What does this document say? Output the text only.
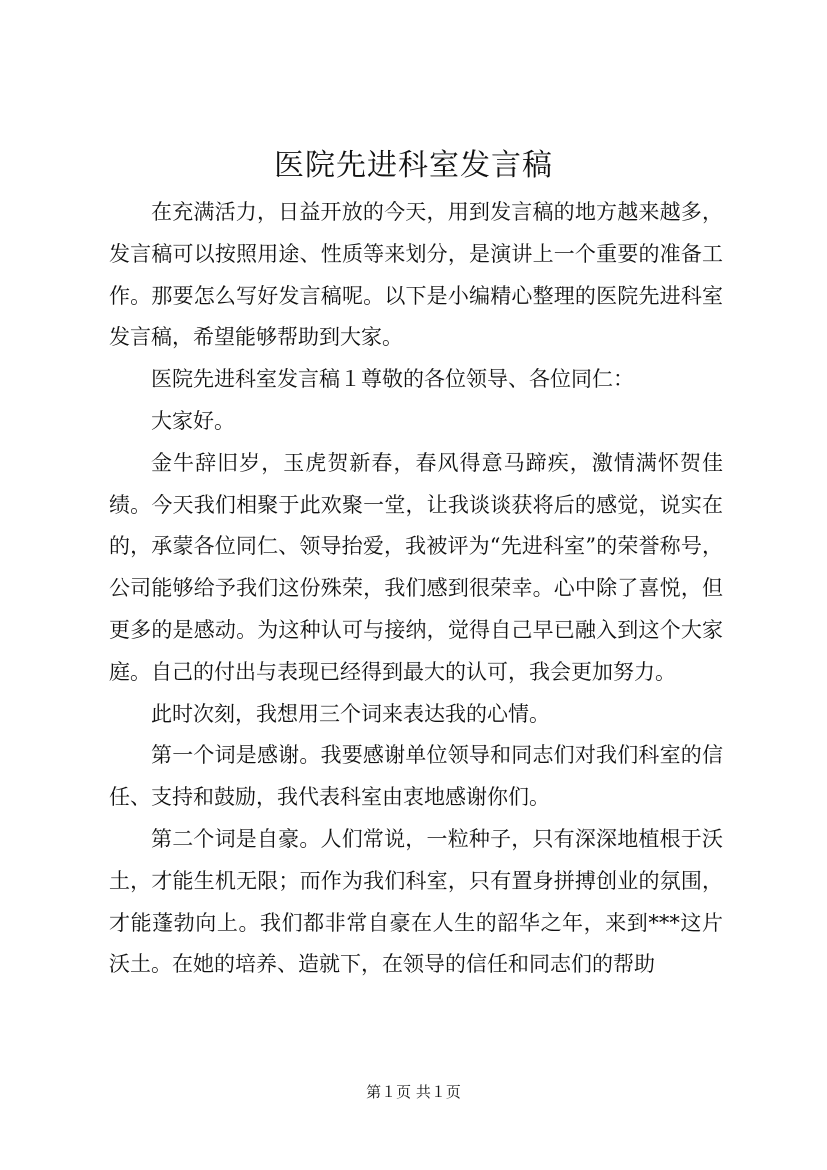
医院先进科室发言稿

在充满活力，日益开放的今天，用到发言稿的地方越来越多，发言稿可以按照用途、性质等来划分，是演讲上一个重要的准备工作。那要怎么写好发言稿呢。以下是小编精心整理的医院先进科室发言稿，希望能够帮助到大家。

医院先进科室发言稿１尊敬的各位领导、各位同仁：

大家好。

金牛辞旧岁，玉虎贺新春，春风得意马蹄疾，激情满怀贺佳绩。今天我们相聚于此欢聚一堂，让我谈谈获将后的感觉，说实在的，承蒙各位同仁、领导抬爱，我被评为“先进科室”的荣誉称号，公司能够给予我们这份殊荣，我们感到很荣幸。心中除了喜悦，但更多的是感动。为这种认可与接纳，觉得自己早已融入到这个大家庭。自己的付出与表现已经得到最大的认可，我会更加努力。

此时次刻，我想用三个词来表达我的心情。

第一个词是感谢。我要感谢单位领导和同志们对我们科室的信任、支持和鼓励，我代表科室由衷地感谢你们。

第二个词是自豪。人们常说，一粒种子，只有深深地植根于沃土，才能生机无限；而作为我们科室，只有置身拼搏创业的氛围，才能蓬勃向上。我们都非常自豪在人生的韶华之年，来到***这片沃土。在她的培养、造就下，在领导的信任和同志们的帮助

第１页 共１页
